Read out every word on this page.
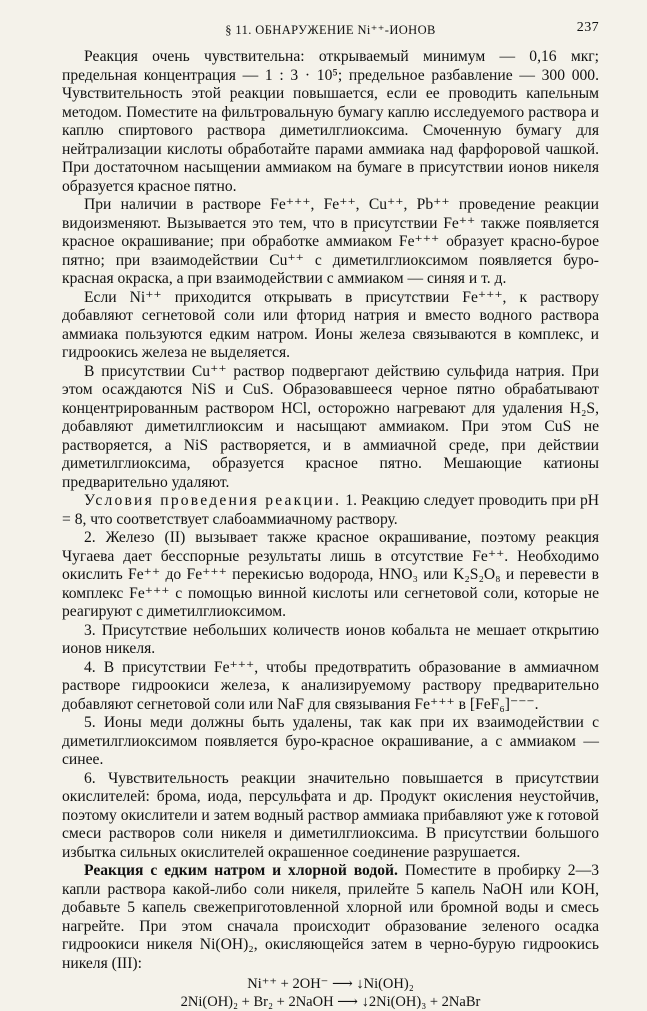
§ 11. ОБНАРУЖЕНИЕ Ni⁺⁺-ИОНОВ	237

Реакция очень чувствительна: открываемый минимум — 0,16 мкг; предельная концентрация — 1 : 3 · 10⁵; предельное разбавление — 300 000. Чувствительность этой реакции повышается, если ее проводить капельным методом. Поместите на фильтровальную бумагу каплю исследуемого раствора и каплю спиртового раствора диметилглиоксима. Смоченную бумагу для нейтрализации кислоты обработайте парами аммиака над фарфоровой чашкой. При достаточном насыщении аммиаком на бумаге в присутствии ионов никеля образуется красное пятно.

При наличии в растворе Fe⁺⁺⁺, Fe⁺⁺, Cu⁺⁺, Pb⁺⁺ проведение реакции видоизменяют. Вызывается это тем, что в присутствии Fe⁺⁺ также появляется красное окрашивание; при обработке аммиаком Fe⁺⁺⁺ образует красно-бурое пятно; при взаимодействии Cu⁺⁺ с диметилглиоксимом появляется буро-красная окраска, а при взаимодействии с аммиаком — синяя и т. д.

Если Ni⁺⁺ приходится открывать в присутствии Fe⁺⁺⁺, к раствору добавляют сегнетовой соли или фторид натрия и вместо водного раствора аммиака пользуются едким натром. Ионы железа связываются в комплекс, и гидроокись железа не выделяется.

В присутствии Cu⁺⁺ раствор подвергают действию сульфида натрия. При этом осаждаются NiS и CuS. Образовавшееся черное пятно обрабатывают концентрированным раствором HCl, осторожно нагревают для удаления H₂S, добавляют диметилглиоксим и насыщают аммиаком. При этом CuS не растворяется, а NiS растворяется, и в аммиачной среде, при действии диметилглиоксима, образуется красное пятно. Мешающие катионы предварительно удаляют.

Условия проведения реакции. 1. Реакцию следует проводить при pH = 8, что соответствует слабоаммиачному раствору.

2. Железо (II) вызывает также красное окрашивание, поэтому реакция Чугаева дает бесспорные результаты лишь в отсутствие Fe⁺⁺. Необходимо окислить Fe⁺⁺ до Fe⁺⁺⁺ перекисью водорода, HNO₃ или K₂S₂O₈ и перевести в комплекс Fe⁺⁺⁺ с помощью винной кислоты или сегнетовой соли, которые не реагируют с диметилглиоксимом.

3. Присутствие небольших количеств ионов кобальта не мешает открытию ионов никеля.

4. В присутствии Fe⁺⁺⁺, чтобы предотвратить образование в аммиачном растворе гидроокиси железа, к анализируемому раствору предварительно добавляют сегнетовой соли или NaF для связывания Fe⁺⁺⁺ в [FeF₆]⁻⁻⁻.

5. Ионы меди должны быть удалены, так как при их взаимодействии с диметилглиоксимом появляется буро-красное окрашивание, а с аммиаком — синее.

6. Чувствительность реакции значительно повышается в присутствии окислителей: брома, иода, персульфата и др. Продукт окисления неустойчив, поэтому окислители и затем водный раствор аммиака прибавляют уже к готовой смеси растворов соли никеля и диметилглиоксима. В присутствии большого избытка сильных окислителей окрашенное соединение разрушается.

Реакция с едким натром и хлорной водой. Поместите в пробирку 2—3 капли раствора какой-либо соли никеля, прилейте 5 капель NaOH или KOH, добавьте 5 капель свежеприготовленной хлорной или бромной воды и смесь нагрейте. При этом сначала происходит образование зеленого осадка гидроокиси никеля Ni(OH)₂, окисляющейся затем в черно-бурую гидроокись никеля (III):

Ni⁺⁺ + 2OH⁻ ⟶ ↓Ni(OH)₂
2Ni(OH)₂ + Br₂ + 2NaOH ⟶ ↓2Ni(OH)₃ + 2NaBr
